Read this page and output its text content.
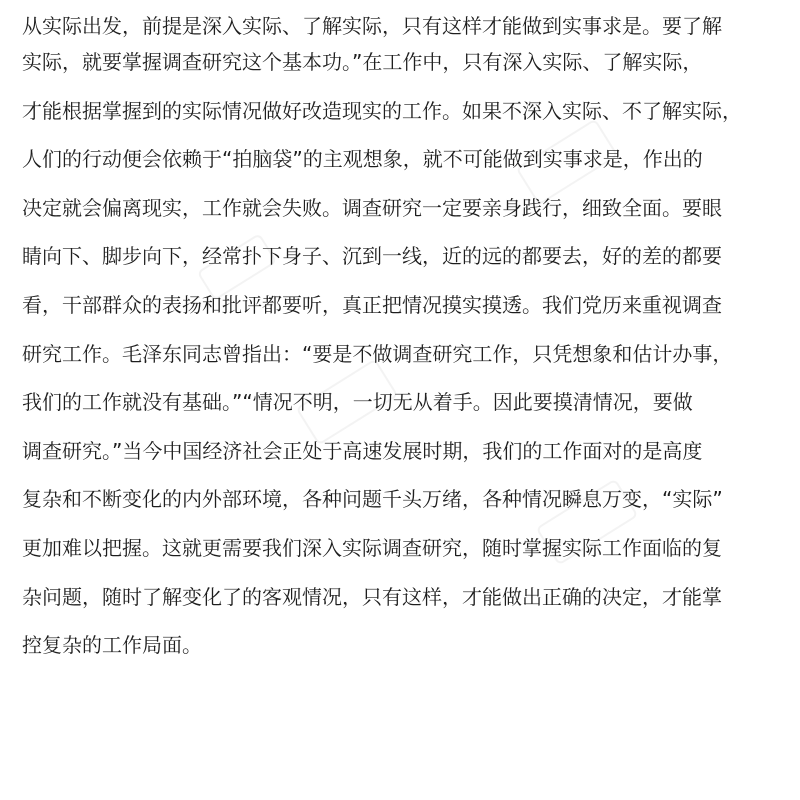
从实际出发，前提是深入实际、了解实际，只有这样才能做到实事求是。要了解
实际，就要掌握调查研究这个基本功。”在工作中，只有深入实际、了解实际，
才能根据掌握到的实际情况做好改造现实的工作。如果不深入实际、不了解实际，
人们的行动便会依赖于“拍脑袋”的主观想象，就不可能做到实事求是，作出的
决定就会偏离现实，工作就会失败。调查研究一定要亲身践行，细致全面。要眼
睛向下、脚步向下，经常扑下身子、沉到一线，近的远的都要去，好的差的都要
看，干部群众的表扬和批评都要听，真正把情况摸实摸透。我们党历来重视调查
研究工作。毛泽东同志曾指出：“要是不做调查研究工作，只凭想象和估计办事，
我们的工作就没有基础。”“情况不明，一切无从着手。因此要摸清情况，要做
调查研究。”当今中国经济社会正处于高速发展时期，我们的工作面对的是高度
复杂和不断变化的内外部环境，各种问题千头万绪，各种情况瞬息万变，“实际”
更加难以把握。这就更需要我们深入实际调查研究，随时掌握实际工作面临的复
杂问题，随时了解变化了的客观情况，只有这样，才能做出正确的决定，才能掌
控复杂的工作局面。
